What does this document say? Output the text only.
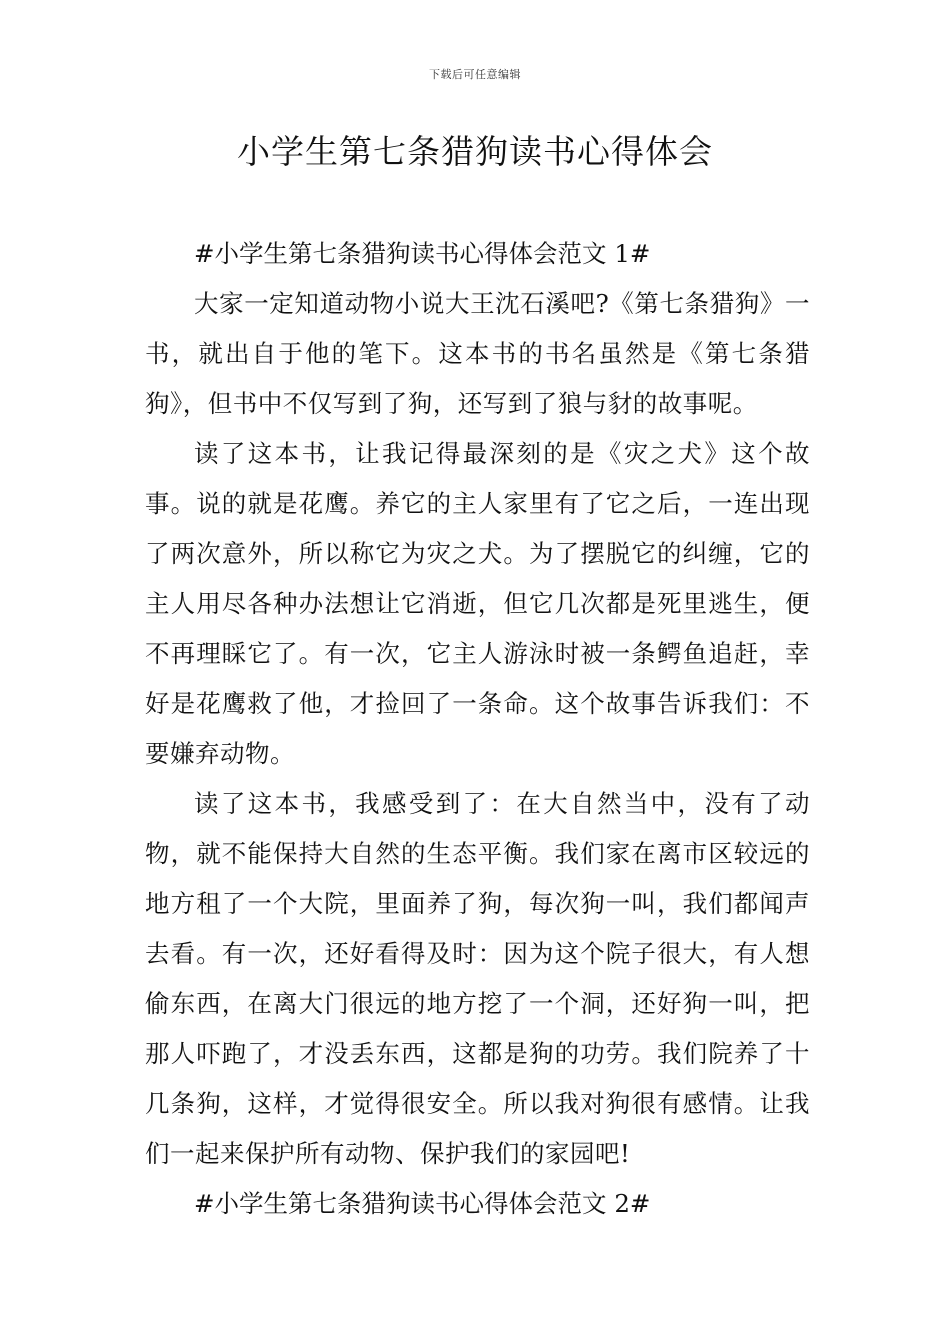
下载后可任意编辑
小学生第七条猎狗读书心得体会

#小学生第七条猎狗读书心得体会范文 1#

大家一定知道动物小说大王沈石溪吧?《第七条猎狗》一书，就出自于他的笔下。这本书的书名虽然是《第七条猎狗》，但书中不仅写到了狗，还写到了狼与豺的故事呢。

读了这本书，让我记得最深刻的是《灾之犬》这个故事。说的就是花鹰。养它的主人家里有了它之后，一连出现了两次意外，所以称它为灾之犬。为了摆脱它的纠缠，它的主人用尽各种办法想让它消逝，但它几次都是死里逃生，便不再理睬它了。有一次，它主人游泳时被一条鳄鱼追赶，幸好是花鹰救了他，才捡回了一条命。这个故事告诉我们：不要嫌弃动物。

读了这本书，我感受到了：在大自然当中，没有了动物，就不能保持大自然的生态平衡。我们家在离市区较远的地方租了一个大院，里面养了狗，每次狗一叫，我们都闻声去看。有一次，还好看得及时：因为这个院子很大，有人想偷东西，在离大门很远的地方挖了一个洞，还好狗一叫，把那人吓跑了，才没丢东西，这都是狗的功劳。我们院养了十几条狗，这样，才觉得很安全。所以我对狗很有感情。让我们一起来保护所有动物、保护我们的家园吧!

#小学生第七条猎狗读书心得体会范文 2#
